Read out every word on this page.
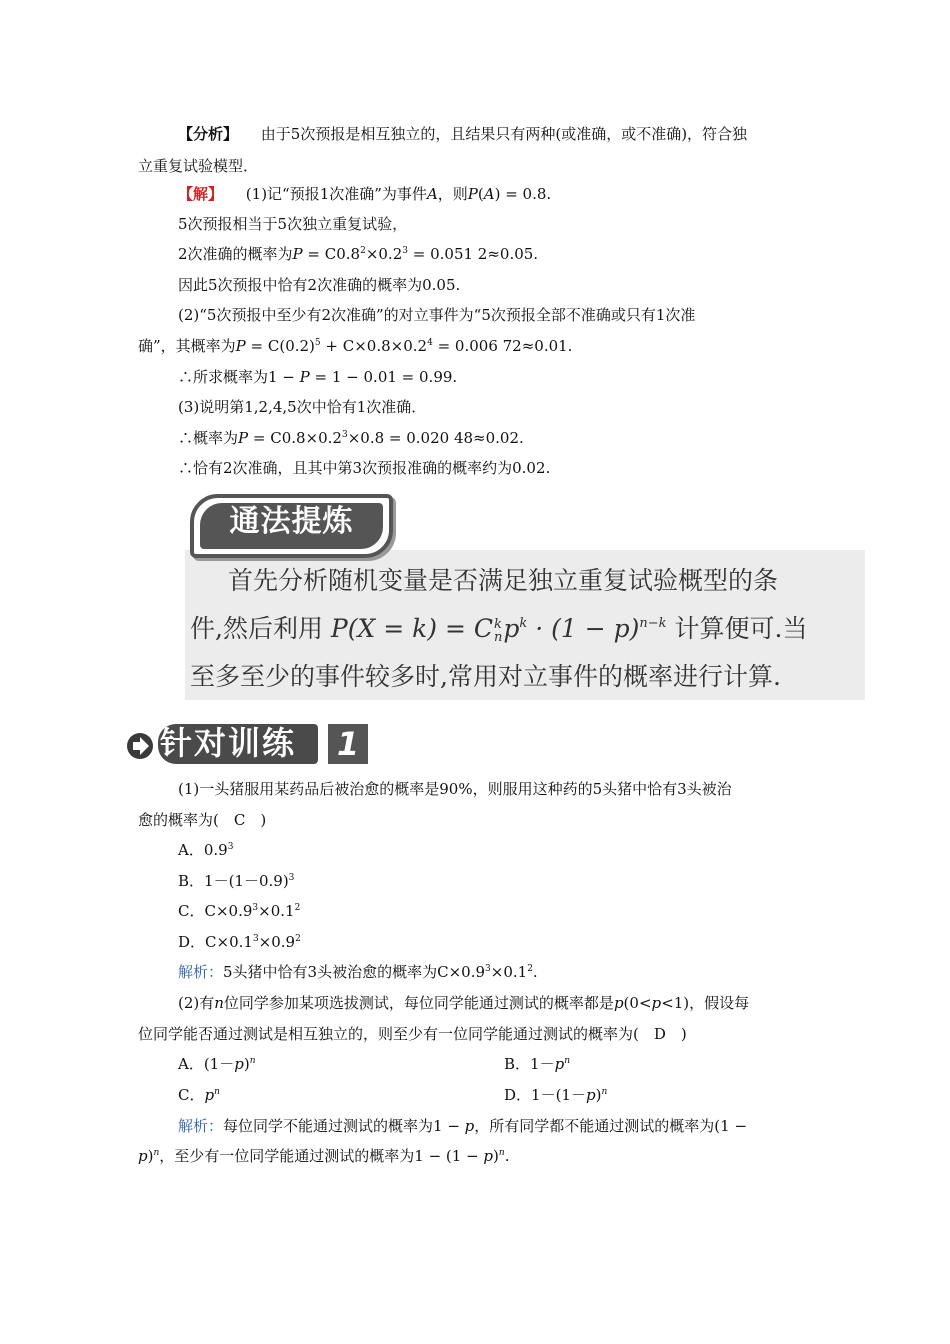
【分析】 由于5次预报是相互独立的，且结果只有两种(或准确，或不准确)，符合独
立重复试验模型．
【解】 (1)记“预报1次准确”为事件A，则P(A) = 0.8.
5次预报相当于5次独立重复试验，
2次准确的概率为$P = C0.8^2\times 0.2^3 = 0.051$ 2≈0.05.
因此5次预报中恰有2次准确的概率为0.05.
(2)“5次预报中至少有2次准确”的对立事件为“5次预报全部不准确或只有1次准
确”，其概率为$P = C(0.2)^5 + C\times 0.8\times 0.2^4 = 0.006$ 72≈0.01.
∴所求概率为1 − P = 1 − 0.01 = 0.99.
(3)说明第1,2,4,5次中恰有1次准确．
∴概率为$P = C0.8\times 0.2^3\times 0.8 = 0.020$ 48≈0.02.
∴恰有2次准确，且其中第3次预报准确的概率约为0.02.
通法提炼
首先分析随机变量是否满足独立重复试验概型的条
件,然后利用 P(X = k) = C k
n $p^k \cdot (1 - p)^{n-k}$ 计算便可.当
至多至少的事件较多时,常用对立事件的概率进行计算.
针对训练 1
(1)一头猪服用某药品后被治愈的概率是90%，则服用这种药的5头猪中恰有3头被治
愈的概率为(　C　)
A．$0.9^3$
B．$1-(1-0.9)^3$
C．$C\times 0.9^3\times 0.1^2$
D．$C\times 0.1^3\times 0.9^2$
解析：5头猪中恰有3头被治愈的概率为$C\times 0.9^3\times 0.1^2$.
(2)有n位同学参加某项选拔测试，每位同学能通过测试的概率都是p(0<p<1)，假设每
位同学能否通过测试是相互独立的，则至少有一位同学能通过测试的概率为(　D　)
A．$(1-p)^n$	B．$1-p^n$
C．$p^n$	D．$1-(1-p)^n$
解析：每位同学不能通过测试的概率为1 − p，所有同学都不能通过测试的概率为(1 −
p)$^n$，至少有一位同学能通过测试的概率为$1 - (1 - p)^n$.
